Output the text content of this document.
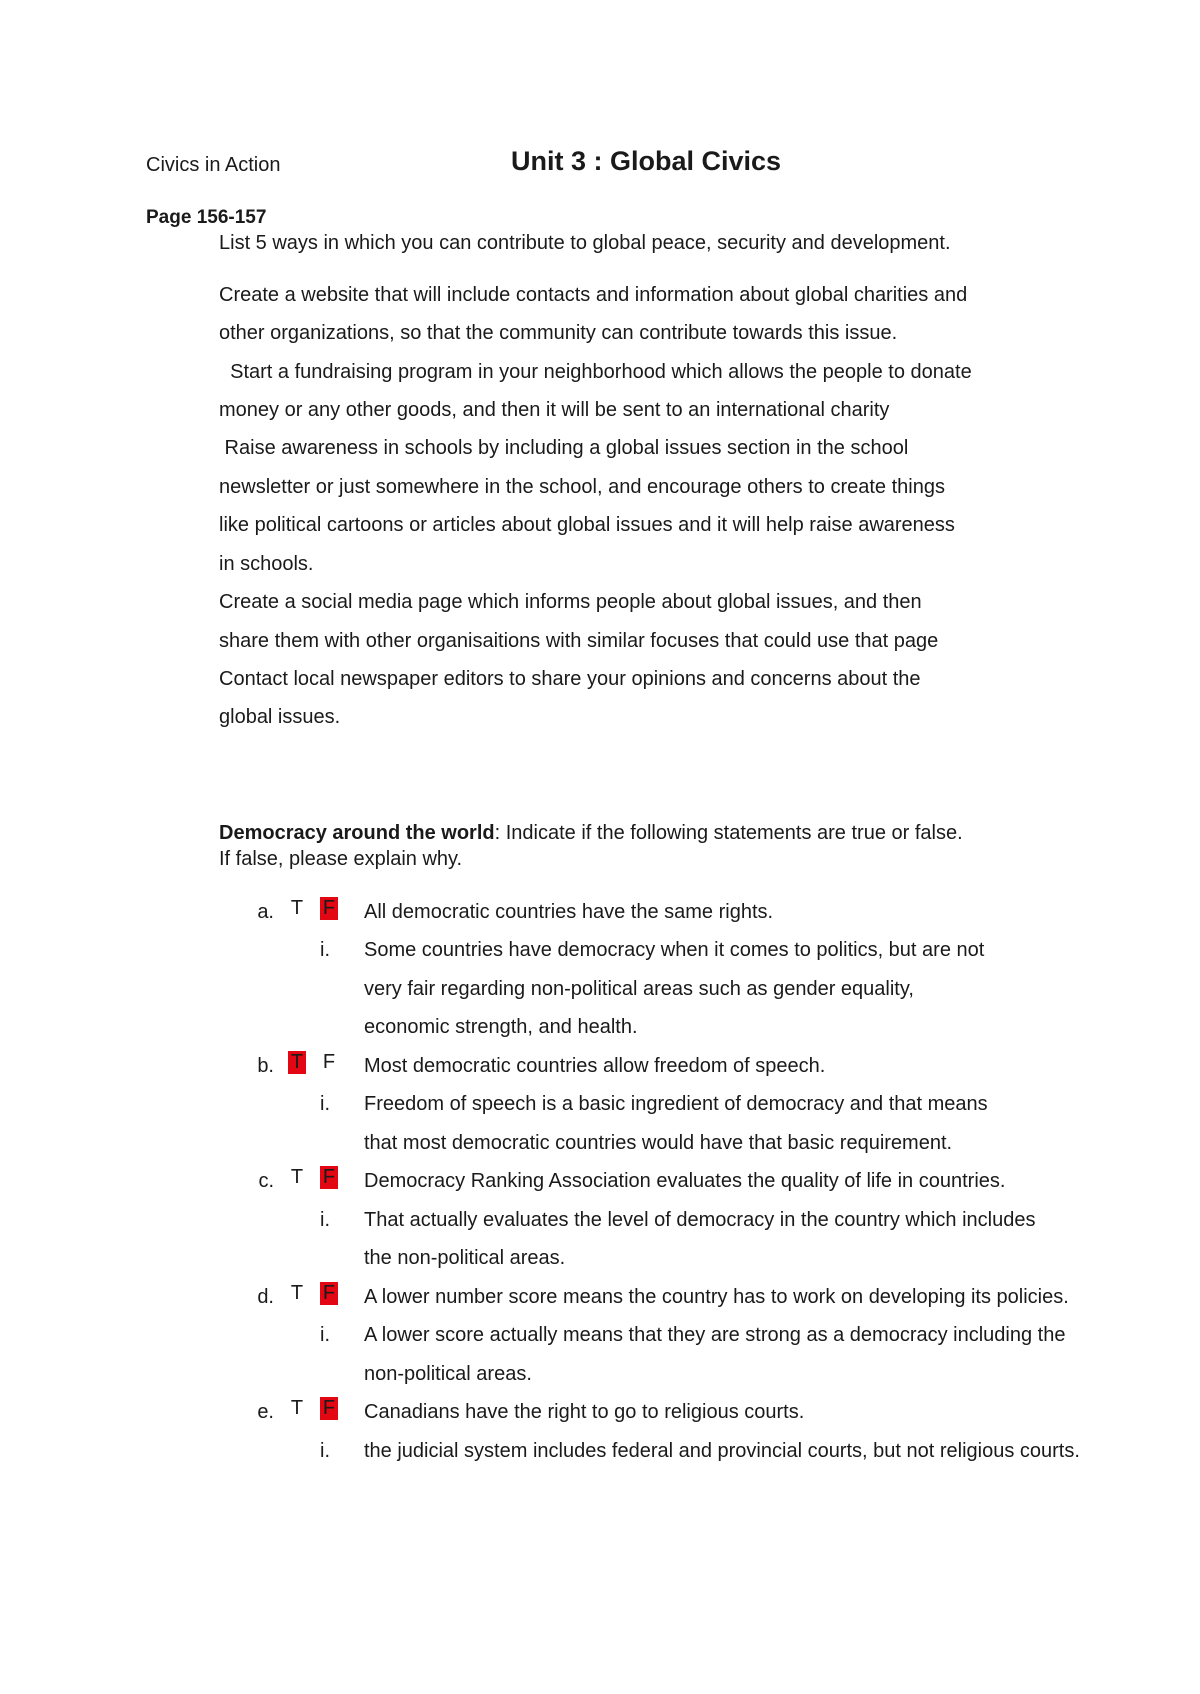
Civics in Action	Unit 3 : Global Civics
Page 156-157
List 5 ways in which you can contribute to global peace, security and development.
Create a website that will include contacts and information about global charities and
other organizations, so that the community can contribute towards this issue.
Start a fundraising program in your neighborhood which allows the people to donate
money or any other goods, and then it will be sent to an international charity
Raise awareness in schools by including a global issues section in the school
newsletter or just somewhere in the school, and encourage others to create things
like political cartoons or articles about global issues and it will help raise awareness
in schools.
Create a social media page which informs people about global issues, and then
share them with other organisaitions with similar focuses that could use that page
Contact local newspaper editors to share your opinions and concerns about the
global issues.
Democracy around the world: Indicate if the following statements are true or false.
If false, please explain why.
a. T F All democratic countries have the same rights.
i. Some countries have democracy when it comes to politics, but are not
very fair regarding non-political areas such as gender equality,
economic strength, and health.
b. T F Most democratic countries allow freedom of speech.
i. Freedom of speech is a basic ingredient of democracy and that means
that most democratic countries would have that basic requirement.
c. T F Democracy Ranking Association evaluates the quality of life in countries.
i. That actually evaluates the level of democracy in the country which includes
the non-political areas.
d. T F A lower number score means the country has to work on developing its policies.
i. A lower score actually means that they are strong as a democracy including the
non-political areas.
e. T F Canadians have the right to go to religious courts.
i. the judicial system includes federal and provincial courts, but not religious courts.
